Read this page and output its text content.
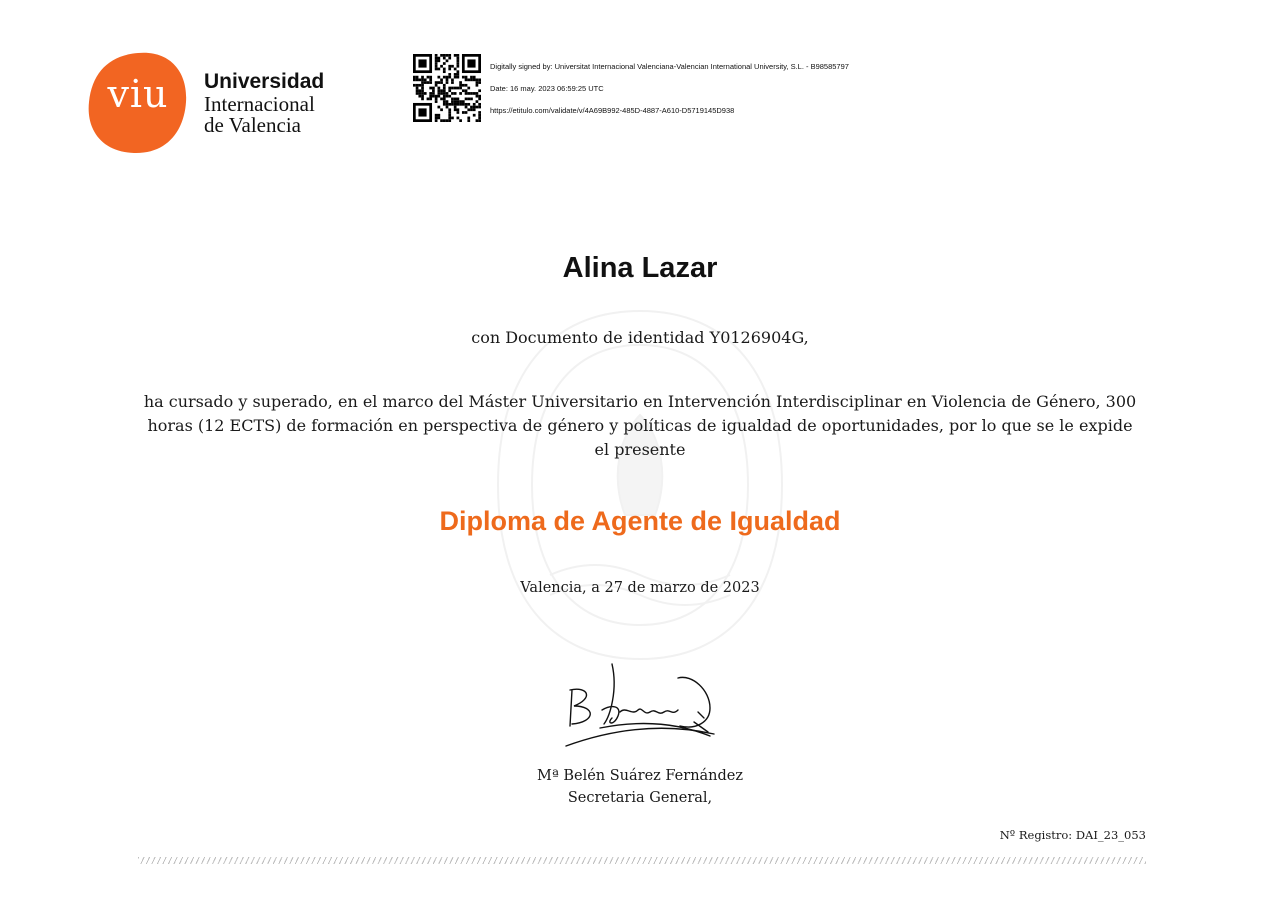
viu	Universidad
Internacional
de Valencia
Digitally signed by: Universitat Internacional Valenciana-Valencian International University, S.L. - B98585797
Date: 16 may. 2023 06:59:25 UTC
https://etitulo.com/validate/v/4A69B992-485D-4887-A610-D5719145D938
Alina Lazar
con Documento de identidad Y0126904G,
ha cursado y superado, en el marco del Máster Universitario en Intervención Interdisciplinar en Violencia de Género, 300 horas (12 ECTS) de formación en perspectiva de género y políticas de igualdad de oportunidades, por lo que se le expide el presente
Diploma de Agente de Igualdad
Valencia, a 27 de marzo de 2023
Mª Belén Suárez Fernández
Secretaria General,
Nº Registro: DAI_23_053
